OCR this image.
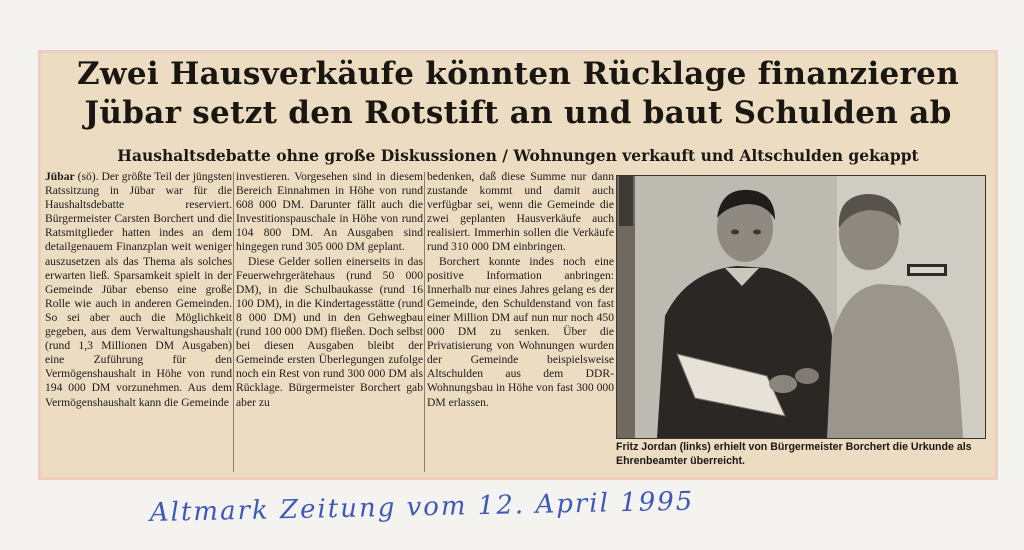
Zwei Hausverkäufe könnten Rücklage finanzieren
Jübar setzt den Rotstift an und baut Schulden ab
Haushaltsdebatte ohne große Diskussionen / Wohnungen verkauft und Altschulden gekappt

Jübar (sö). Der größte Teil der jüngsten Ratssitzung in Jübar war für die Haushaltsdebatte reserviert. Bürgermeister Carsten Borchert und die Ratsmitglieder hatten indes an dem detailgenauem Finanzplan weit weniger auszusetzen als das Thema als solches erwarten ließ. Sparsamkeit spielt in der Gemeinde Jübar ebenso eine große Rolle wie auch in anderen Gemeinden. So sei aber auch die Möglichkeit gegeben, aus dem Verwaltungshaushalt (rund 1,3 Millionen DM Ausgaben) eine Zuführung für den Vermögenshaushalt in Höhe von rund 194 000 DM vorzunehmen. Aus dem Vermögenshaushalt kann die Gemeinde

investieren. Vorgesehen sind in diesem Bereich Einnahmen in Höhe von rund 608 000 DM. Darunter fällt auch die Investitionspauschale in Höhe von rund 104 800 DM. An Ausgaben sind hingegen rund 305 000 DM geplant.

Diese Gelder sollen einerseits in das Feuerwehrgerätehaus (rund 50 000 DM), in die Schulbaukasse (rund 16 100 DM), in die Kindertagesstätte (rund 8 000 DM) und in den Gehwegbau (rund 100 000 DM) fließen. Doch selbst bei diesen Ausgaben bleibt der Gemeinde ersten Überlegungen zufolge noch ein Rest von rund 300 000 DM als Rücklage. Bürgermeister Borchert gab aber zu

bedenken, daß diese Summe nur dann zustande kommt und damit auch verfügbar sei, wenn die Gemeinde die zwei geplanten Hausverkäufe auch realisiert. Immerhin sollen die Verkäufe rund 310 000 DM einbringen.

Borchert konnte indes noch eine positive Information anbringen: Innerhalb nur eines Jahres gelang es der Gemeinde, den Schuldenstand von fast einer Million DM auf nun nur noch 450 000 DM zu senken. Über die Privatisierung von Wohnungen wurden der Gemeinde beispielsweise Altschulden aus dem DDR-Wohnungsbau in Höhe von fast 300 000 DM erlassen.

Fritz Jordan (links) erhielt von Bürgermeister Borchert die Urkunde als Ehrenbeamter überreicht.
Altmark Zeitung vom 12. April 1995
